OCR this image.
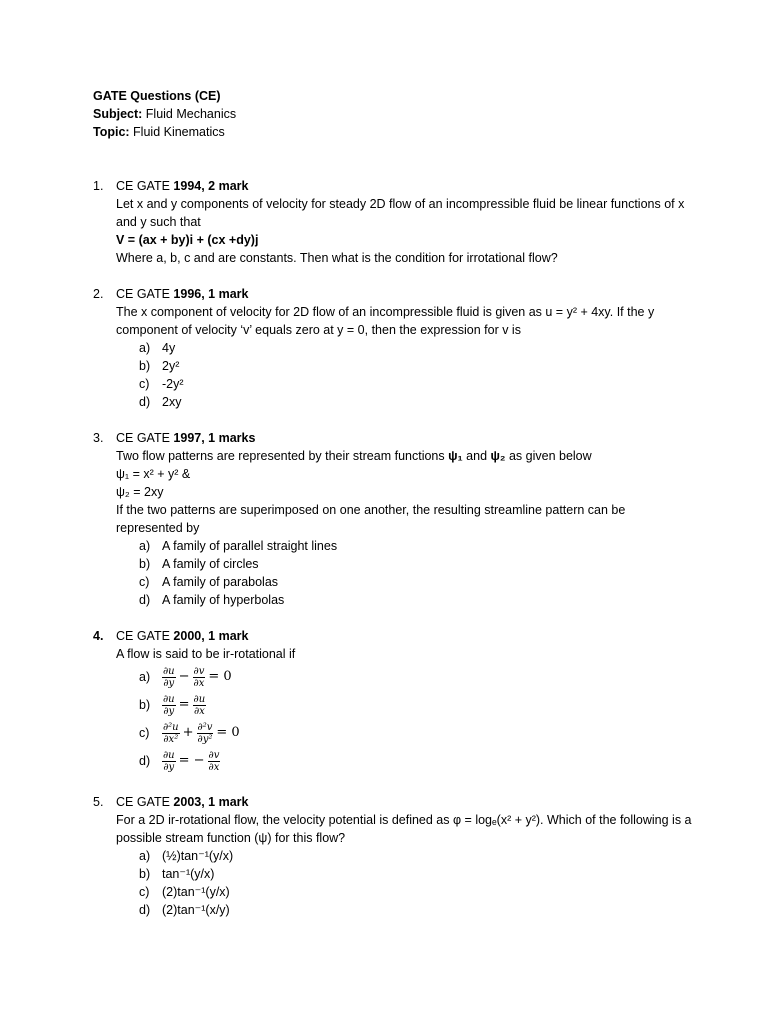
GATE Questions (CE)
Subject: Fluid Mechanics
Topic: Fluid Kinematics
1. CE GATE 1994, 2 mark
Let x and y components of velocity for steady 2D flow of an incompressible fluid be linear functions of x and y such that
V = (ax + by)i + (cx +dy)j
Where a, b, c and are constants. Then what is the condition for irrotational flow?
2. CE GATE 1996, 1 mark
The x component of velocity for 2D flow of an incompressible fluid is given as u = y² + 4xy. If the y component of velocity ‘v’ equals zero at y = 0, then the expression for v is
a) 4y
b) 2y²
c) -2y²
d) 2xy
3. CE GATE 1997, 1 marks
Two flow patterns are represented by their stream functions ψ₁ and ψ₂ as given below
ψ₁ = x² + y² &
ψ₂ = 2xy
If the two patterns are superimposed on one another, the resulting streamline pattern can be represented by
a) A family of parallel straight lines
b) A family of circles
c) A family of parabolas
d) A family of hyperbolas
4. CE GATE 2000, 1 mark
A flow is said to be ir-rotational if
a)	$\frac{\partial u}{\partial y} - \frac{\partial v}{\partial x} = 0$
b)	$\frac{\partial u}{\partial y} = \frac{\partial u}{\partial x}$
c)	$\frac{\text{∂²u}}{\text{∂x²}} + \frac{\text{∂²v}}{\text{∂y²}} = 0$
d)	$\frac{\partial u}{\partial y}$ = − $\frac{\partial v}{\partial x}$
5. CE GATE 2003, 1 mark
For a 2D ir-rotational flow, the velocity potential is defined as φ = logₑ(x² + y²). Which of the following is a possible stream function (ψ) for this flow?
a) (½)tan⁻¹(y/x)
b) tan⁻¹(y/x)
c) (2)tan⁻¹(y/x)
d) (2)tan⁻¹(x/y)
